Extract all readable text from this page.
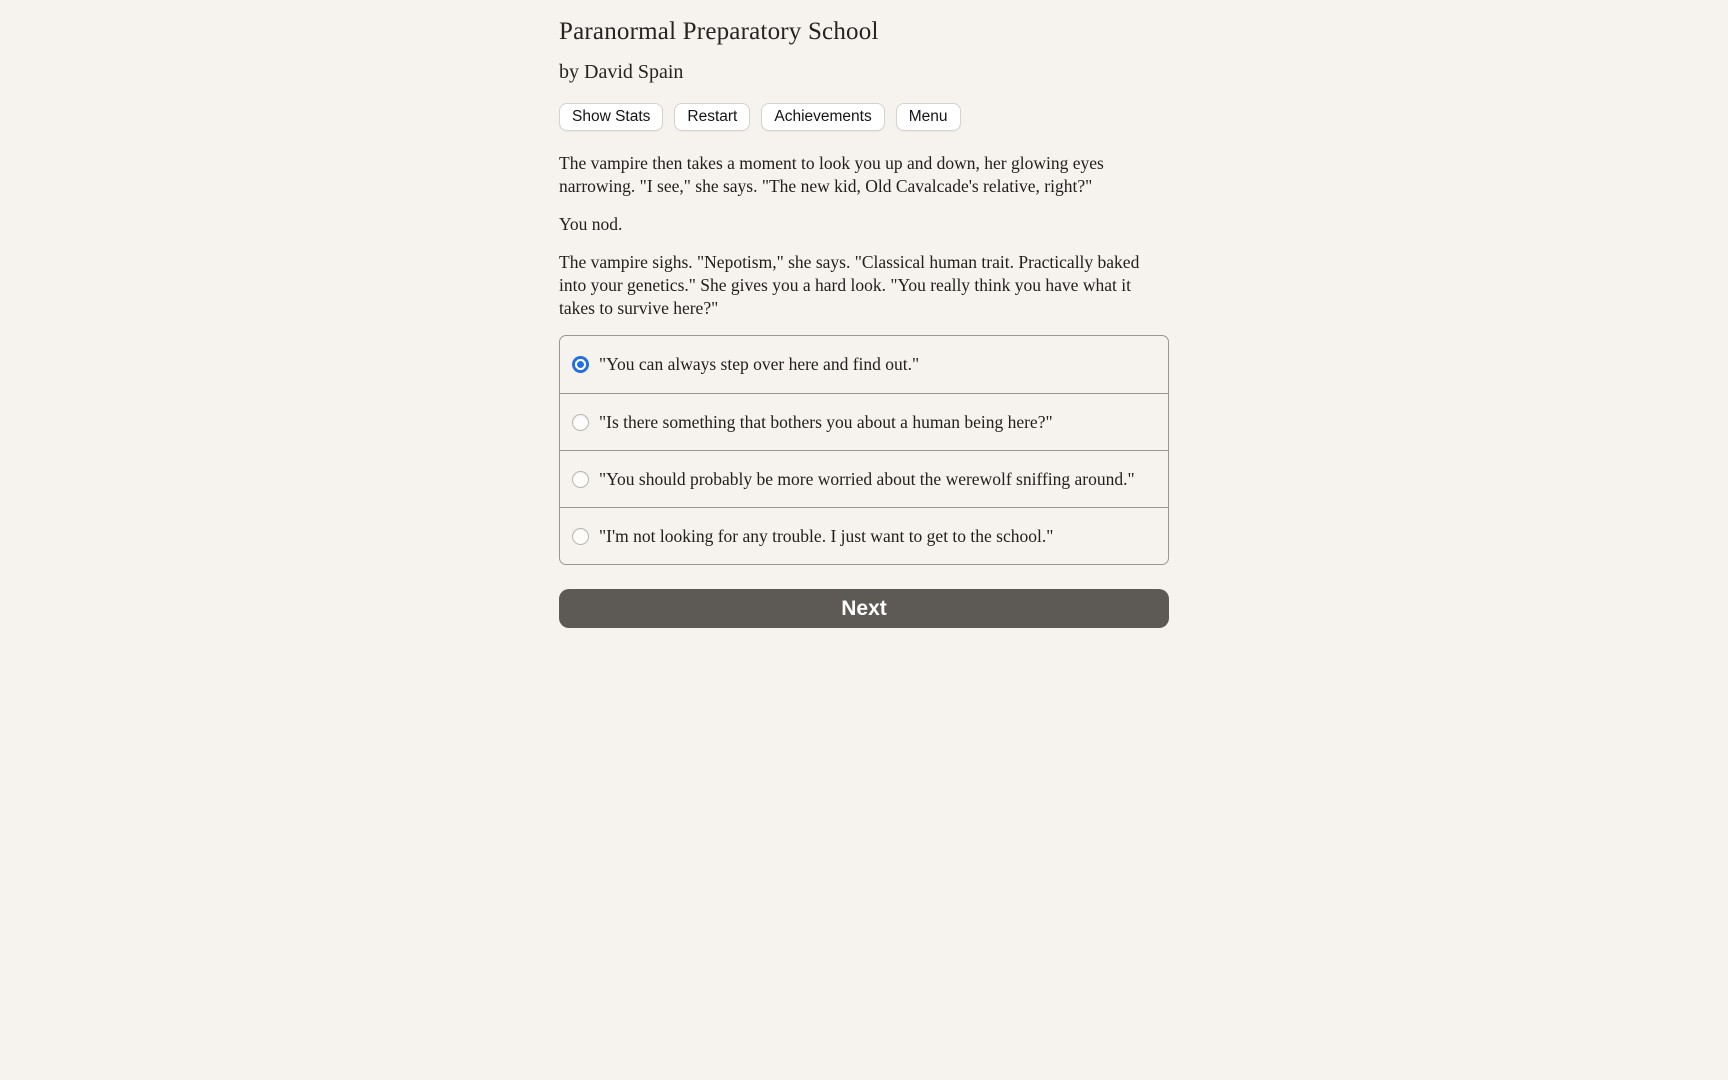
Paranormal Preparatory School
by David Spain
Show Stats	Restart	Achievements	Menu

The vampire then takes a moment to look you up and down, her glowing eyes narrowing. "I see," she says. "The new kid, Old Cavalcade's relative, right?"

You nod.

The vampire sighs. "Nepotism," she says. "Classical human trait. Practically baked into your genetics." She gives you a hard look. "You really think you have what it takes to survive here?"

"You can always step over here and find out."
"Is there something that bothers you about a human being here?"
"You should probably be more worried about the werewolf sniffing around."
"I'm not looking for any trouble. I just want to get to the school."
Next
